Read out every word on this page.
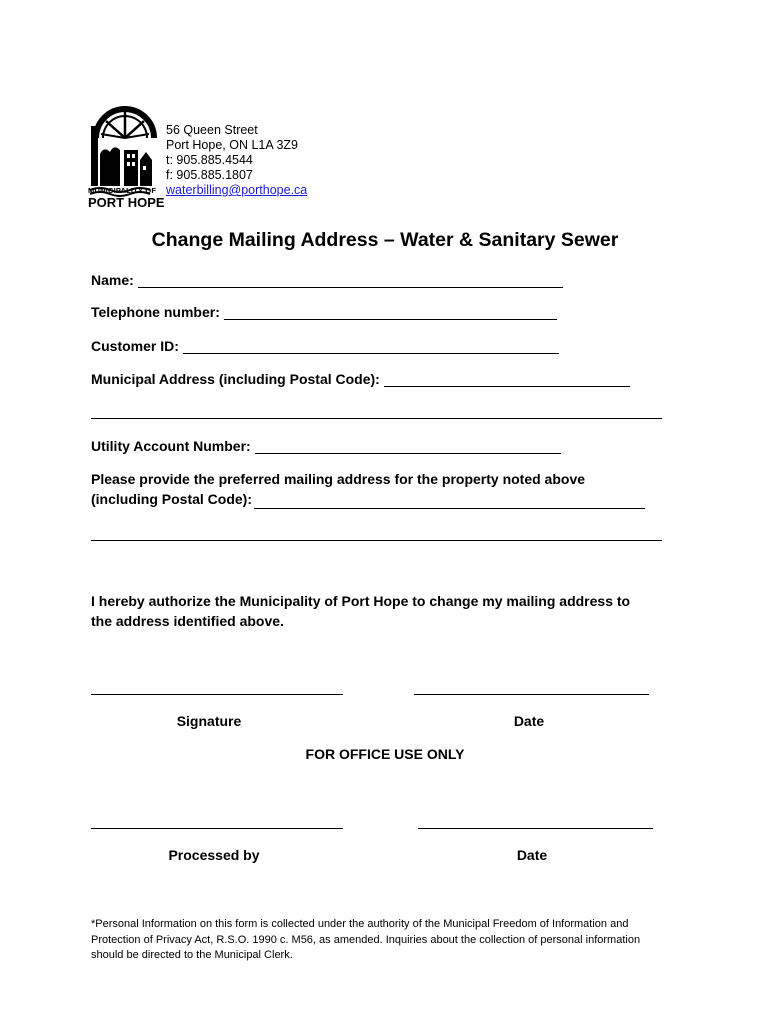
MUNICIPALITY OF
PORT HOPE
56 Queen Street
Port Hope, ON L1A 3Z9
t: 905.885.4544
f: 905.885.1807
waterbilling@porthope.ca
Change Mailing Address – Water & Sanitary Sewer
Name:
Telephone number:
Customer ID:
Municipal Address (including Postal Code):
Utility Account Number:
Please provide the preferred mailing address for the property noted above
(including Postal Code):
I hereby authorize the Municipality of Port Hope to change my mailing address to
the address identified above.
Signature	Date
FOR OFFICE USE ONLY
Processed by	Date
*Personal Information on this form is collected under the authority of the Municipal Freedom of Information and
Protection of Privacy Act, R.S.O. 1990 c. M56, as amended. Inquiries about the collection of personal information
should be directed to the Municipal Clerk.
